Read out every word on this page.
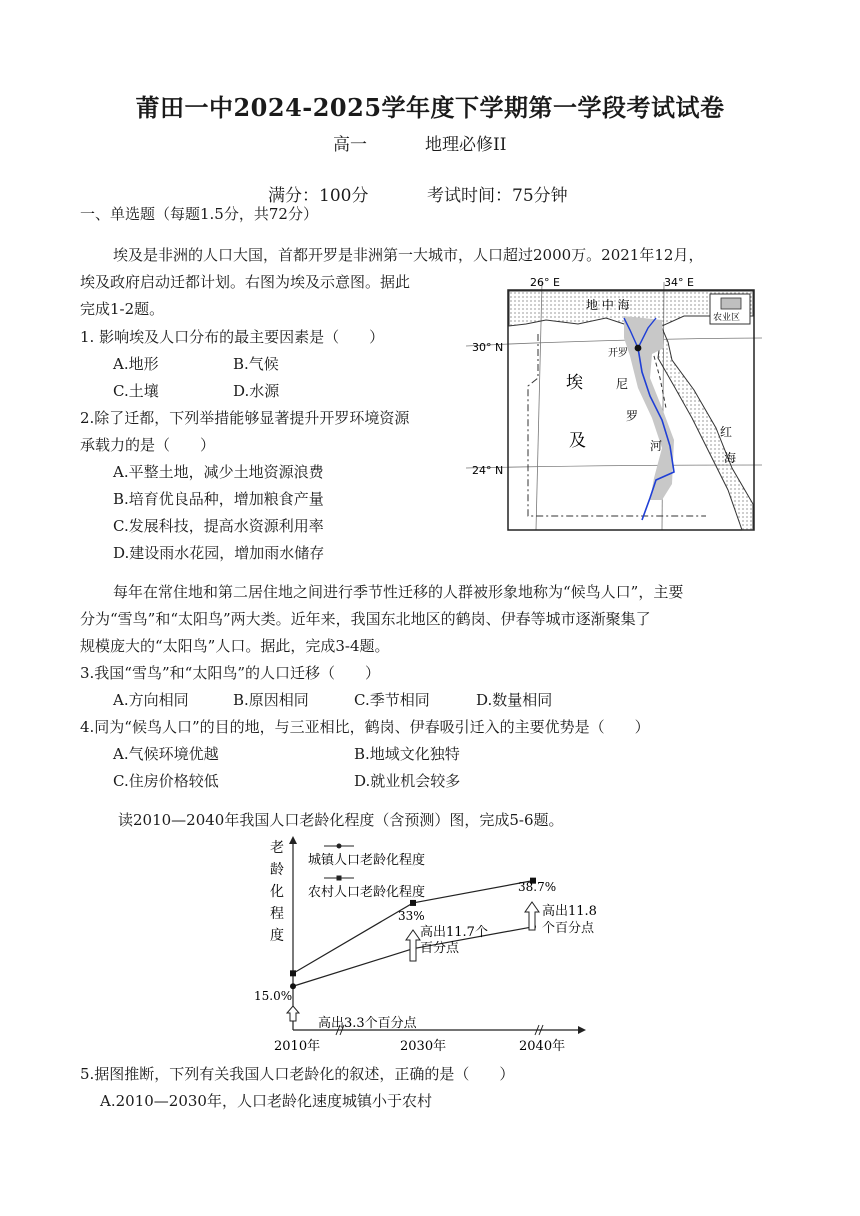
莆田一中2024-2025学年度下学期第一学段考试试卷
高一	地理必修II
满分：100分	考试时间：75分钟
一、单选题（每题1.5分，共72分）
埃及是非洲的人口大国，首都开罗是非洲第一大城市，人口超过2000万。2021年12月，
埃及政府启动迁都计划。右图为埃及示意图。据此
完成1-2题。
1. 影响埃及人口分布的最主要因素是（　　）
A.地形	B.气候
C.土壤	D.水源
2.除了迁都，下列举措能够显著提升开罗环境资源
承载力的是（　　）
A.平整土地，减少土地资源浪费
B.培育优良品种，增加粮食产量
C.发展科技，提高水资源利用率
D.建设雨水花园，增加雨水储存
26° E	34° E
30° N
24° N
地 中 海
农业区
开罗
埃
及
尼
罗
河
红
海
每年在常住地和第二居住地之间进行季节性迁移的人群被形象地称为“候鸟人口”，主要
分为“雪鸟”和“太阳鸟”两大类。近年来，我国东北地区的鹤岗、伊春等城市逐渐聚集了
规模庞大的“太阳鸟”人口。据此，完成3-4题。
3.我国“雪鸟”和“太阳鸟”的人口迁移（　　）
A.方向相同	B.原因相同	C.季节相同	D.数量相同
4.同为“候鸟人口”的目的地，与三亚相比，鹤岗、伊春吸引迁入的主要优势是（　　）
A.气候环境优越	B.地域文化独特
C.住房价格较低	D.就业机会较多
读2010—2040年我国人口老龄化程度（含预测）图，完成5-6题。
老龄化程度
城镇人口老龄化程度
农村人口老龄化程度
2010年	2030年	2040年
15.0%
33%
38.7%
高出3.3个百分点
高出11.7个
百分点
高出11.8
个百分点
5.据图推断，下列有关我国人口老龄化的叙述，正确的是（　　）
A.2010—2030年，人口老龄化速度城镇小于农村
